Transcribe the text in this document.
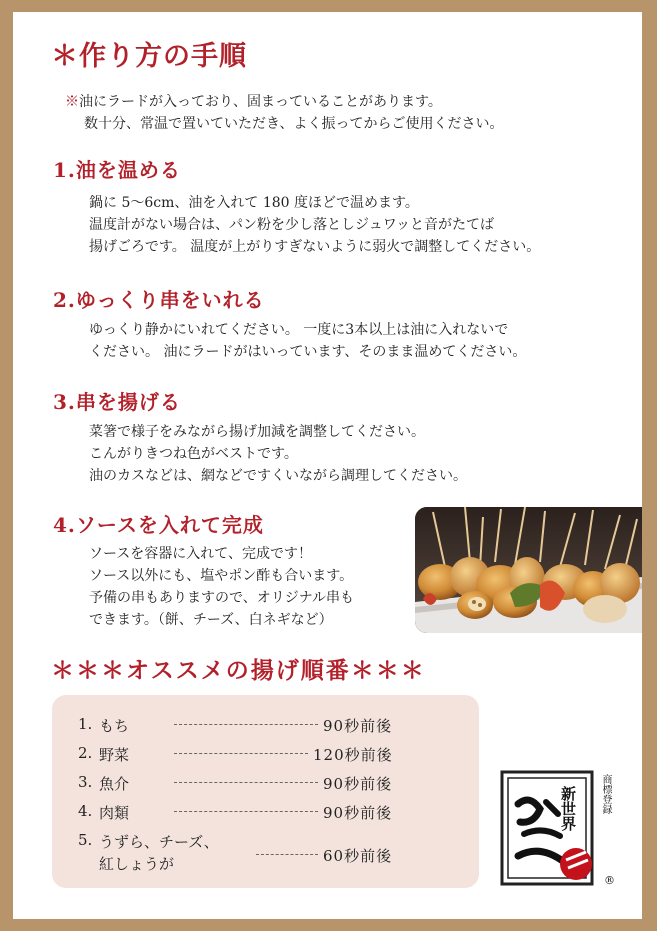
＊作り方の手順
※油にラードが入っており、固まっていることがあります。
数十分、常温で置いていただき、よく振ってからご使用ください。
1.油を温める
鍋に 5～6cm、油を入れて 180 度ほどで温めます。
温度計がない場合は、パン粉を少し落としジュワッと音がたてば
揚げごろです。 温度が上がりすぎないように弱火で調整してください。
2.ゆっくり串をいれる
ゆっくり静かにいれてください。 一度に3本以上は油に入れないで
ください。 油にラードがはいっています、そのまま温めてください。
3.串を揚げる
菜箸で様子をみながら揚げ加減を調整してください。
こんがりきつね色がベストです。
油のカスなどは、網などですくいながら調理してください。
4.ソースを入れて完成
ソースを容器に入れて、完成です！
ソース以外にも、塩やポン酢も合います。
予備の串もありますので、オリジナル串も
できます。（餅、チーズ、白ネギなど）
＊＊＊オススメの揚げ順番＊＊＊
1. もち	90秒前後
2. 野菜	120秒前後
3. 魚介	90秒前後
4. 肉類	90秒前後
5. うずら、チーズ、
紅しょうが	60秒前後
新世界 商標登録
®
